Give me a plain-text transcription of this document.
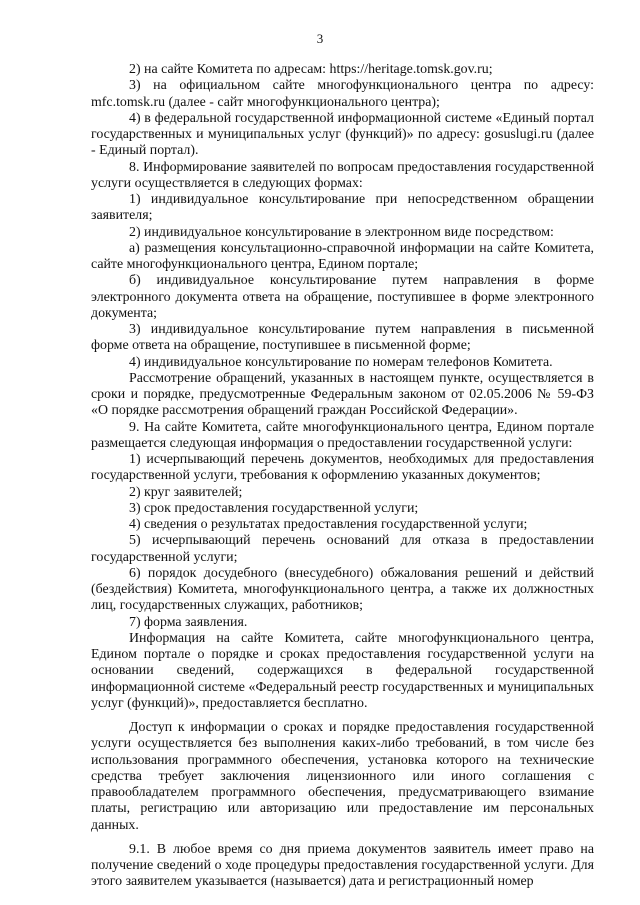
3

2) на сайте Комитета по адресам: https://heritage.tomsk.gov.ru;

3) на официальном сайте многофункционального центра по адресу: mfc.tomsk.ru (далее - сайт многофункционального центра);

4) в федеральной государственной информационной системе «Единый портал государственных и муниципальных услуг (функций)» по адресу: gosuslugi.ru (далее - Единый портал).

8. Информирование заявителей по вопросам предоставления государственной услуги осуществляется в следующих формах:

1) индивидуальное консультирование при непосредственном обращении заявителя;

2) индивидуальное консультирование в электронном виде посредством:

а) размещения консультационно-справочной информации на сайте Комитета, сайте многофункционального центра, Едином портале;

б) индивидуальное консультирование путем направления в форме электронного документа ответа на обращение, поступившее в форме электронного документа;

3) индивидуальное консультирование путем направления в письменной форме ответа на обращение, поступившее в письменной форме;

4) индивидуальное консультирование по номерам телефонов Комитета.

Рассмотрение обращений, указанных в настоящем пункте, осуществляется в сроки и порядке, предусмотренные Федеральным законом от 02.05.2006 № 59-ФЗ «О порядке рассмотрения обращений граждан Российской Федерации».

9. На сайте Комитета, сайте многофункционального центра, Едином портале размещается следующая информация о предоставлении государственной услуги:

1) исчерпывающий перечень документов, необходимых для предоставления государственной услуги, требования к оформлению указанных документов;

2) круг заявителей;

3) срок предоставления государственной услуги;

4) сведения о результатах предоставления государственной услуги;

5) исчерпывающий перечень оснований для отказа в предоставлении государственной услуги;

6) порядок досудебного (внесудебного) обжалования решений и действий (бездействия) Комитета, многофункционального центра, а также их должностных лиц, государственных служащих, работников;

7) форма заявления.

Информация на сайте Комитета, сайте многофункционального центра, Едином портале о порядке и сроках предоставления государственной услуги на основании сведений, содержащихся в федеральной государственной информационной системе «Федеральный реестр государственных и муниципальных услуг (функций)», предоставляется бесплатно.

Доступ к информации о сроках и порядке предоставления государственной услуги осуществляется без выполнения каких-либо требований, в том числе без использования программного обеспечения, установка которого на технические средства требует заключения лицензионного или иного соглашения с правообладателем программного обеспечения, предусматривающего взимание платы, регистрацию или авторизацию или предоставление им персональных данных.

9.1. В любое время со дня приема документов заявитель имеет право на получение сведений о ходе процедуры предоставления государственной услуги. Для этого заявителем указывается (называется) дата и регистрационный номер
